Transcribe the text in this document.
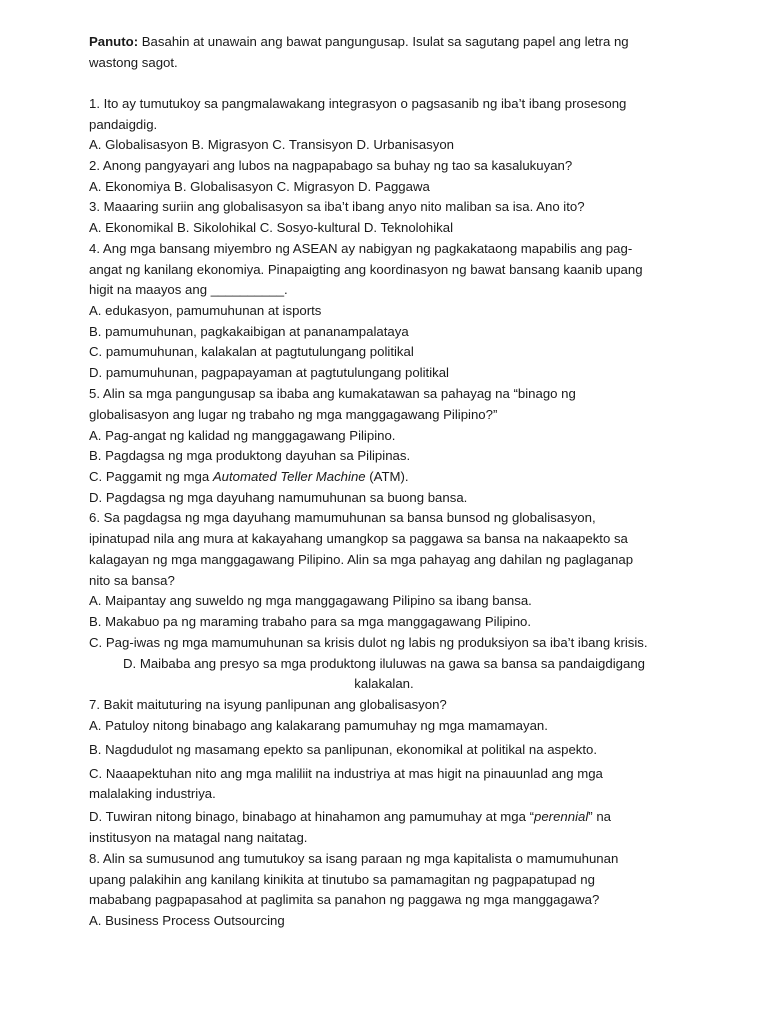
Panuto: Basahin at unawain ang bawat pangungusap. Isulat sa sagutang papel ang letra ng

wastong sagot.

1. Ito ay tumutukoy sa pangmalawakang integrasyon o pagsasanib ng iba’t ibang prosesong

pandaigdig.

A. Globalisasyon B. Migrasyon C. Transisyon D. Urbanisasyon

2. Anong pangyayari ang lubos na nagpapabago sa buhay ng tao sa kasalukuyan?

A. Ekonomiya B. Globalisasyon C. Migrasyon D. Paggawa

3. Maaaring suriin ang globalisasyon sa iba’t ibang anyo nito maliban sa isa. Ano ito?

A. Ekonomikal B. Sikolohikal C. Sosyo-kultural D. Teknolohikal

4. Ang mga bansang miyembro ng ASEAN ay nabigyan ng pagkakataong mapabilis ang pag-

angat ng kanilang ekonomiya. Pinapaigting ang koordinasyon ng bawat bansang kaanib upang

higit na maayos ang __________.

A. edukasyon, pamumuhunan at isports

B. pamumuhunan, pagkakaibigan at pananampalataya

C. pamumuhunan, kalakalan at pagtutulungang politikal

D. pamumuhunan, pagpapayaman at pagtutulungang politikal

5. Alin sa mga pangungusap sa ibaba ang kumakatawan sa pahayag na “binago ng

globalisasyon ang lugar ng trabaho ng mga manggagawang Pilipino?”

A. Pag-angat ng kalidad ng manggagawang Pilipino.

B. Pagdagsa ng mga produktong dayuhan sa Pilipinas.

C. Paggamit ng mga Automated Teller Machine (ATM).

D. Pagdagsa ng mga dayuhang namumuhunan sa buong bansa.

6. Sa pagdagsa ng mga dayuhang mamumuhunan sa bansa bunsod ng globalisasyon,

ipinatupad nila ang mura at kakayahang umangkop sa paggawa sa bansa na nakaapekto sa

kalagayan ng mga manggagawang Pilipino. Alin sa mga pahayag ang dahilan ng paglaganap

nito sa bansa?

A. Maipantay ang suweldo ng mga manggagawang Pilipino sa ibang bansa.

B. Makabuo pa ng maraming trabaho para sa mga manggagawang Pilipino.

C. Pag-iwas ng mga mamumuhunan sa krisis dulot ng labis ng produksiyon sa iba’t ibang krisis.

D. Maibaba ang presyo sa mga produktong iluluwas na gawa sa bansa sa pandaigdigang

kalakalan.

7. Bakit maituturing na isyung panlipunan ang globalisasyon?

A. Patuloy nitong binabago ang kalakarang pamumuhay ng mga mamamayan.

B. Nagdudulot ng masamang epekto sa panlipunan, ekonomikal at politikal na aspekto.

C. Naaapektuhan nito ang mga maliliit na industriya at mas higit na pinauunlad ang mga

malalaking industriya.

D. Tuwiran nitong binago, binabago at hinahamon ang pamumuhay at mga “perennial” na

institusyon na matagal nang naitatag.

8. Alin sa sumusunod ang tumutukoy sa isang paraan ng mga kapitalista o mamumuhunan

upang palakihin ang kanilang kinikita at tinutubo sa pamamagitan ng pagpapatupad ng

mababang pagpapasahod at paglimita sa panahon ng paggawa ng mga manggagawa?

A. Business Process Outsourcing
